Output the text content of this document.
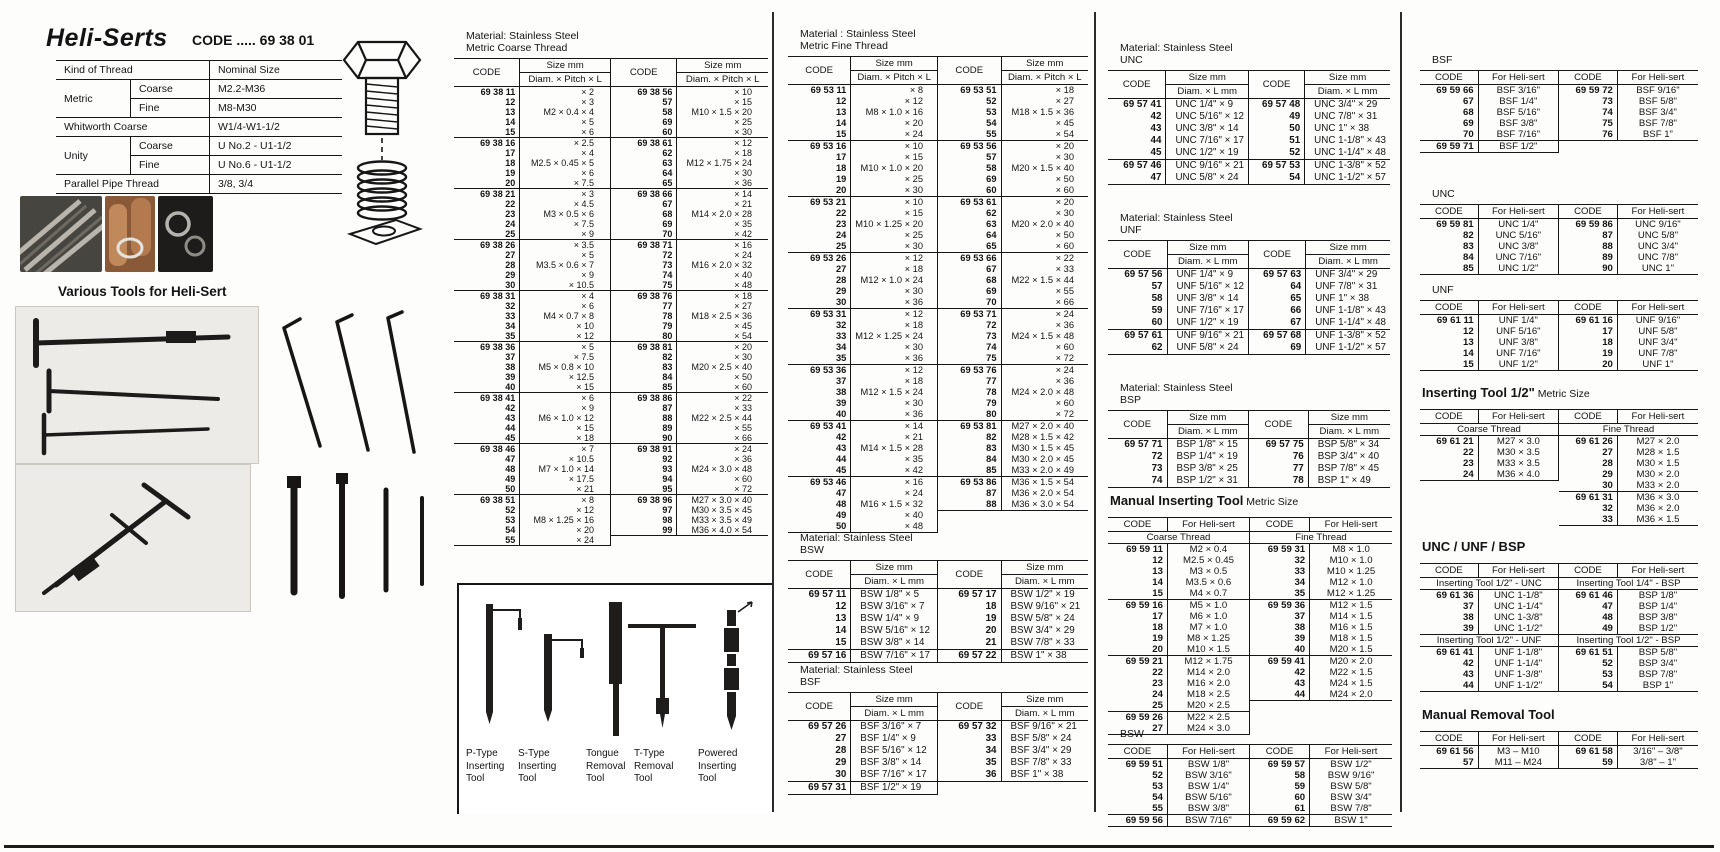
Heli-Serts CODE ..... 69 38 01
Kind of Thread		Nominal Size
Metric	Coarse	M2.2-M36
	Fine	M8-M30
Whitworth Coarse		W1/4-W1-1/2
Unity	Coarse	U No.2 - U1-1/2
	Fine	U No.6 - U1-1/2
Parallel Pipe Thread		3/8, 3/4
Various Tools for Heli-Sert
Material: Stainless Steel
Metric Coarse Thread
CODE	Size mm
	Diam. × Pitch × L
69 38 11	× 2
12	× 3
13	M2 × 0.4 × 4
14	× 5
15	× 6
69 38 16	× 2.5
17	× 4
18	M2.5 × 0.45 × 5
19	× 6
20	× 7.5
69 38 21	× 3
22	× 4.5
23	M3 × 0.5 × 6
24	× 7.5
25	× 9
69 38 26	× 3.5
27	× 5
28	M3.5 × 0.6 × 7
29	× 9
30	× 10.5
69 38 31	× 4
32	× 6
33	M4 × 0.7 × 8
34	× 10
35	× 12
69 38 36	× 5
37	× 7.5
38	M5 × 0.8 × 10
39	× 12.5
40	× 15
69 38 41	× 6
42	× 9
43	M6 × 1.0 × 12
44	× 15
45	× 18
69 38 46	× 7
47	× 10.5
48	M7 × 1.0 × 14
49	× 17.5
50	× 21
69 38 51	× 8
52	× 12
53	M8 × 1.25 × 16
54	× 20
55	× 24
CODE	Size mm
	Diam. × Pitch × L
69 38 56	× 10
57	× 15
58	M10 × 1.5 × 20
69	× 25
60	× 30
69 38 61	× 12
62	× 18
63	M12 × 1.75 × 24
64	× 30
65	× 36
69 38 66	× 14
67	× 21
68	M14 × 2.0 × 28
69	× 35
70	× 42
69 38 71	× 16
72	× 24
73	M16 × 2.0 × 32
74	× 40
75	× 48
69 38 76	× 18
77	× 27
78	M18 × 2.5 × 36
79	× 45
80	× 54
69 38 81	× 20
82	× 30
83	M20 × 2.5 × 40
84	× 50
85	× 60
69 38 86	× 22
87	× 33
88	M22 × 2.5 × 44
89	× 55
90	× 66
69 38 91	× 24
92	× 36
93	M24 × 3.0 × 48
94	× 60
95	× 72
69 38 96	M27 × 3.0 × 40
97	M30 × 3.5 × 45
98	M33 × 3.5 × 49
99	M36 × 4.0 × 54
P-Type Inserting Tool
S-Type Inserting Tool
Tongue Removal Tool
T-Type Removal Tool
Powered Inserting Tool
Material : Stainless Steel
Metric Fine Thread
CODE	Size mm
	Diam. × Pitch × L
69 53 11	× 8
12	× 12
13	M8 × 1.0 × 16
14	× 20
15	× 24
69 53 16	× 10
17	× 15
18	M10 × 1.0 × 20
19	× 25
20	× 30
69 53 21	× 10
22	× 15
23	M10 × 1.25 × 20
24	× 25
25	× 30
69 53 26	× 12
27	× 18
28	M12 × 1.0 × 24
29	× 30
30	× 36
69 53 31	× 12
32	× 18
33	M12 × 1.25 × 24
34	× 30
35	× 36
69 53 36	× 12
37	× 18
38	M12 × 1.5 × 24
39	× 30
40	× 36
69 53 41	× 14
42	× 21
43	M14 × 1.5 × 28
44	× 35
45	× 42
69 53 46	× 16
47	× 24
48	M16 × 1.5 × 32
49	× 40
50	× 48
CODE	Size mm
	Diam. × Pitch × L
69 53 51	× 18
52	× 27
53	M18 × 1.5 × 36
54	× 45
55	× 54
69 53 56	× 20
57	× 30
58	M20 × 1.5 × 40
69	× 50
60	× 60
69 53 61	× 20
62	× 30
63	M20 × 2.0 × 40
64	× 50
65	× 60
69 53 66	× 22
67	× 33
68	M22 × 1.5 × 44
69	× 55
70	× 66
69 53 71	× 24
72	× 36
73	M24 × 1.5 × 48
74	× 60
75	× 72
69 53 76	× 24
77	× 36
78	M24 × 2.0 × 48
79	× 60
80	× 72
69 53 81	M27 × 2.0 × 40
82	M28 × 1.5 × 42
83	M30 × 1.5 × 45
84	M30 × 2.0 × 45
85	M33 × 2.0 × 49
69 53 86	M36 × 1.5 × 54
87	M36 × 2.0 × 54
88	M36 × 3.0 × 54
Material: Stainless Steel
BSW
CODE	Size mm
	Diam. × L mm
69 57 11	BSW 1/8" × 5
12	BSW 3/16" × 7
13	BSW 1/4" × 9
14	BSW 5/16" × 12
15	BSW 3/8" × 14
69 57 16	BSW 7/16" × 17
CODE	Size mm
	Diam. × L mm
69 57 17	BSW 1/2" × 19
18	BSW 9/16" × 21
19	BSW 5/8" × 24
20	BSW 3/4" × 29
21	BSW 7/8" × 33
69 57 22	BSW 1" × 38
Material: Stainless Steel
BSF
CODE	Size mm
	Diam. × L mm
69 57 26	BSF 3/16" × 7
27	BSF 1/4" × 9
28	BSF 5/16" × 12
29	BSF 3/8" × 14
30	BSF 7/16" × 17
69 57 31	BSF 1/2" × 19
CODE	Size mm
	Diam. × L mm
69 57 32	BSF 9/16" × 21
33	BSF 5/8" × 24
34	BSF 3/4" × 29
35	BSF 7/8" × 33
36	BSF 1" × 38
Material: Stainless Steel
UNC
CODE	Size mm
	Diam. × L mm
69 57 41	UNC 1/4" × 9
42	UNC 5/16" × 12
43	UNC 3/8" × 14
44	UNC 7/16" × 17
45	UNC 1/2" × 19
69 57 46	UNC 9/16" × 21
47	UNC 5/8" × 24
CODE	Size mm
	Diam. × L mm
69 57 48	UNC 3/4" × 29
49	UNC 7/8" × 31
50	UNC 1" × 38
51	UNC 1-1/8" × 43
52	UNC 1-1/4" × 48
69 57 53	UNC 1-3/8" × 52
54	UNC 1-1/2" × 57
Material: Stainless Steel
UNF
CODE	Size mm
	Diam. × L mm
69 57 56	UNF 1/4" × 9
57	UNF 5/16" × 12
58	UNF 3/8" × 14
59	UNF 7/16" × 17
60	UNF 1/2" × 19
69 57 61	UNF 9/16" × 21
62	UNF 5/8" × 24
CODE	Size mm
	Diam. × L mm
69 57 63	UNF 3/4" × 29
64	UNF 7/8" × 31
65	UNF 1" × 38
66	UNF 1-1/8" × 43
67	UNF 1-1/4" × 48
69 57 68	UNF 1-3/8" × 52
69	UNF 1-1/2" × 57
Material: Stainless Steel
BSP
CODE	Size mm
	Diam. × L mm
69 57 71	BSP 1/8" × 15
72	BSP 1/4" × 19
73	BSP 3/8" × 25
74	BSP 1/2" × 31
CODE	Size mm
	Diam. × L mm
69 57 75	BSP 5/8" × 34
76	BSP 3/4" × 40
77	BSP 7/8" × 45
78	BSP 1" × 49
Manual Inserting Tool Metric Size
CODE	For Heli-sert
Coarse Thread	
69 59 11	M2 × 0.4
12	M2.5 × 0.45
13	M3 × 0.5
14	M3.5 × 0.6
15	M4 × 0.7
69 59 16	M5 × 1.0
17	M6 × 1.0
18	M7 × 1.0
19	M8 × 1.25
20	M10 × 1.5
69 59 21	M12 × 1.75
22	M14 × 2.0
23	M16 × 2.0
24	M18 × 2.5
25	M20 × 2.5
69 59 26	M22 × 2.5
27	M24 × 3.0
CODE	For Heli-sert
Fine Thread	
69 59 31	M8 × 1.0
32	M10 × 1.0
33	M10 × 1.25
34	M12 × 1.0
35	M12 × 1.25
69 59 36	M12 × 1.5
37	M14 × 1.5
38	M16 × 1.5
39	M18 × 1.5
40	M20 × 1.5
69 59 41	M20 × 2.0
42	M22 × 1.5
43	M24 × 1.5
44	M24 × 2.0
BSW
CODE	For Heli-sert
69 59 51	BSW 1/8"
52	BSW 3/16"
53	BSW 1/4"
54	BSW 5/16"
55	BSW 3/8"
69 59 56	BSW 7/16"
CODE	For Heli-sert
69 59 57	BSW 1/2"
58	BSW 9/16"
59	BSW 5/8"
60	BSW 3/4"
61	BSW 7/8"
69 59 62	BSW 1"
BSF
CODE	For Heli-sert
69 59 66	BSF 3/16"
67	BSF 1/4"
68	BSF 5/16"
69	BSF 3/8"
70	BSF 7/16"
69 59 71	BSF 1/2"
CODE	For Heli-sert
69 59 72	BSF 9/16"
73	BSF 5/8"
74	BSF 3/4"
75	BSF 7/8"
76	BSF 1"
UNC
CODE	For Heli-sert
69 59 81	UNC 1/4"
82	UNC 5/16"
83	UNC 3/8"
84	UNC 7/16"
85	UNC 1/2"
CODE	For Heli-sert
69 59 86	UNC 9/16"
87	UNC 5/8"
88	UNC 3/4"
89	UNC 7/8"
90	UNC 1"
UNF
CODE	For Heli-sert
69 61 11	UNF 1/4"
12	UNF 5/16"
13	UNF 3/8"
14	UNF 7/16"
15	UNF 1/2"
CODE	For Heli-sert
69 61 16	UNF 9/16"
17	UNF 5/8"
18	UNF 3/4"
19	UNF 7/8"
20	UNF 1"
Inserting Tool 1/2" Metric Size
CODE	For Heli-sert
Coarse Thread	
69 61 21	M27 × 3.0
22	M30 × 3.5
23	M33 × 3.5
24	M36 × 4.0
CODE	For Heli-sert
Fine Thread	
69 61 26	M27 × 2.0
27	M28 × 1.5
28	M30 × 1.5
29	M30 × 2.0
30	M33 × 2.0
69 61 31	M36 × 3.0
32	M36 × 2.0
33	M36 × 1.5
UNC / UNF / BSP
CODE	For Heli-sert
Inserting Tool 1/2" - UNC	
69 61 36	UNC 1-1/8"
37	UNC 1-1/4"
38	UNC 1-3/8"
39	UNC 1-1/2"
Inserting Tool 1/2" - UNF	
69 61 41	UNF 1-1/8"
42	UNF 1-1/4"
43	UNF 1-3/8"
44	UNF 1-1/2"
CODE	For Heli-sert
Inserting Tool 1/4" - BSP	
69 61 46	BSP 1/8"
47	BSP 1/4"
48	BSP 3/8"
49	BSP 1/2"
Inserting Tool 1/2" - BSP	
69 61 51	BSP 5/8"
52	BSP 3/4"
53	BSP 7/8"
54	BSP 1"
Manual Removal Tool
CODE	For Heli-sert
69 61 56	M3 – M10
57	M11 – M24
CODE	For Heli-sert
69 61 58	3/16" – 3/8"
59	3/8" – 1"
